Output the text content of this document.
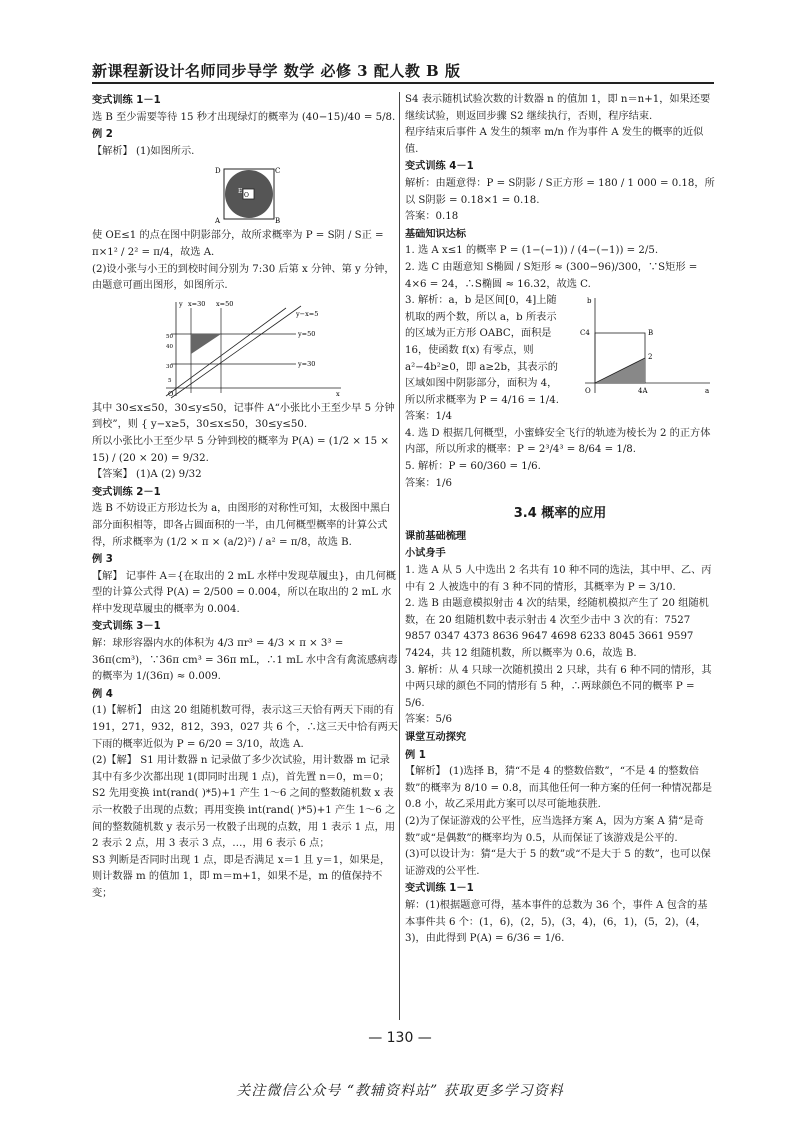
新课程新设计名师同步导学 数学 必修 3 配人教 B 版
变式训练 1－1
选 B 至少需要等待 15 秒才出现绿灯的概率为 (40−15)/40 = 5/8.
例 2
【解析】 (1)如图所示.
D	C
A	B
O
E
使 OE≤1 的点在图中阴影部分，故所求概率为 P = S阴 / S正 = π×1² / 2² = π/4，故选 A.
(2)设小张与小王的到校时间分别为 7:30 后第 x 分钟、第 y 分钟，由题意可画出图形，如图所示.
x=30 x=50
y−x=5
y=50
y=30
O	x
y
50
40
30
5
其中 30≤x≤50，30≤y≤50，记事件 A“小张比小王至少早 5 分钟到校”，则 { y−x≥5，30≤x≤50，30≤y≤50.
所以小张比小王至少早 5 分钟到校的概率为 P(A) = (1/2 × 15 × 15) / (20 × 20) = 9/32.
【答案】 (1)A (2) 9/32
变式训练 2－1
选 B 不妨设正方形边长为 a，由图形的对称性可知，太极图中黑白部分面积相等，即各占圆面积的一半，由几何概型概率的计算公式得，所求概率为 (1/2 × π × (a/2)²) / a² = π/8，故选 B.
例 3
【解】 记事件 A＝{在取出的 2 mL 水样中发现草履虫}，由几何概型的计算公式得 P(A) = 2/500 = 0.004，所以在取出的 2 mL 水样中发现草履虫的概率为 0.004.
变式训练 3－1
解：球形容器内水的体积为 4/3 πr³ = 4/3 × π × 3³ = 36π(cm³)，∵36π cm³ = 36π mL，∴1 mL 水中含有禽流感病毒的概率为 1/(36π) ≈ 0.009.
例 4
(1)【解析】 由这 20 组随机数可得，表示这三天恰有两天下雨的有 191，271，932，812，393，027 共 6 个，∴这三天中恰有两天下雨的概率近似为 P = 6/20 = 3/10，故选 A.
(2)【解】 S1 用计数器 n 记录做了多少次试验，用计数器 m 记录其中有多少次都出现 1(即同时出现 1 点)，首先置 n＝0，m＝0；
S2 先用变换 int(rand( )*5)+1 产生 1～6 之间的整数随机数 x 表示一枚骰子出现的点数；再用变换 int(rand( )*5)+1 产生 1～6 之间的整数随机数 y 表示另一枚骰子出现的点数，用 1 表示 1 点，用 2 表示 2 点，用 3 表示 3 点，…，用 6 表示 6 点；
S3 判断是否同时出现 1 点，即是否满足 x＝1 且 y＝1，如果是，则计数器 m 的值加 1，即 m＝m+1，如果不是，m 的值保持不变；
S4 表示随机试验次数的计数器 n 的值加 1，即 n＝n+1，如果还要继续试验，则返回步骤 S2 继续执行，否则，程序结束.
程序结束后事件 A 发生的频率 m/n 作为事件 A 发生的概率的近似值.
变式训练 4－1
解析：由题意得：P = S阴影 / S正方形 = 180 / 1 000 = 0.18，所以 S阴影 = 0.18×1 = 0.18.
答案：0.18
基础知识达标
1. 选 A x≤1 的概率 P = (1−(−1)) / (4−(−1)) = 2/5.
2. 选 C 由题意知 S椭圆 / S矩形 ≈ (300−96)/300，∵S矩形 = 4×6 = 24，∴S椭圆 ≈ 16.32，故选 C.
b
C4	B
2
O	4A	a
3. 解析：a，b 是区间[0，4]上随机取的两个数，所以 a，b 所表示的区域为正方形 OABC，面积是 16，使函数 f(x) 有零点，则 a²−4b²≥0，即 a≥2b，其表示的区域如图中阴影部分，面积为 4，所以所求概率为 P = 4/16 = 1/4.
答案：1/4
4. 选 D 根据几何概型，小蜜蜂安全飞行的轨迹为棱长为 2 的正方体内部，所以所求的概率：P = 2³/4³ = 8/64 = 1/8.
5. 解析：P = 60/360 = 1/6.
答案：1/6
3.4 概率的应用
课前基础梳理
小试身手
1. 选 A 从 5 人中选出 2 名共有 10 种不同的选法，其中甲、乙、丙中有 2 人被选中的有 3 种不同的情形，其概率为 P = 3/10.
2. 选 B 由题意模拟射击 4 次的结果，经随机模拟产生了 20 组随机数，在 20 组随机数中表示射击 4 次至少击中 3 次的有：7527 9857 0347 4373 8636 9647 4698 6233 8045 3661 9597 7424，共 12 组随机数，所以概率为 0.6，故选 B.
3. 解析：从 4 只球一次随机摸出 2 只球，共有 6 种不同的情形，其中两只球的颜色不同的情形有 5 种，∴两球颜色不同的概率 P = 5/6.
答案：5/6
课堂互动探究
例 1
【解析】 (1)选择 B，猜“不是 4 的整数倍数”，“不是 4 的整数倍数”的概率为 8/10 = 0.8，而其他任何一种方案的任何一种情况都是 0.8 小，故乙采用此方案可以尽可能地获胜.
(2)为了保证游戏的公平性，应当选择方案 A，因为方案 A 猜“是奇数”或“是偶数”的概率均为 0.5，从而保证了该游戏是公平的.
(3)可以设计为：猜“是大于 5 的数”或“不是大于 5 的数”，也可以保证游戏的公平性.
变式训练 1－1
解：(1)根据题意可得，基本事件的总数为 36 个，事件 A 包含的基本事件共 6 个：(1，6)，(2，5)，(3，4)，(6，1)，(5，2)，(4，3)，由此得到 P(A) = 6/36 = 1/6.
— 130 —
关注微信公众号 “教辅资料站” 获取更多学习资料
